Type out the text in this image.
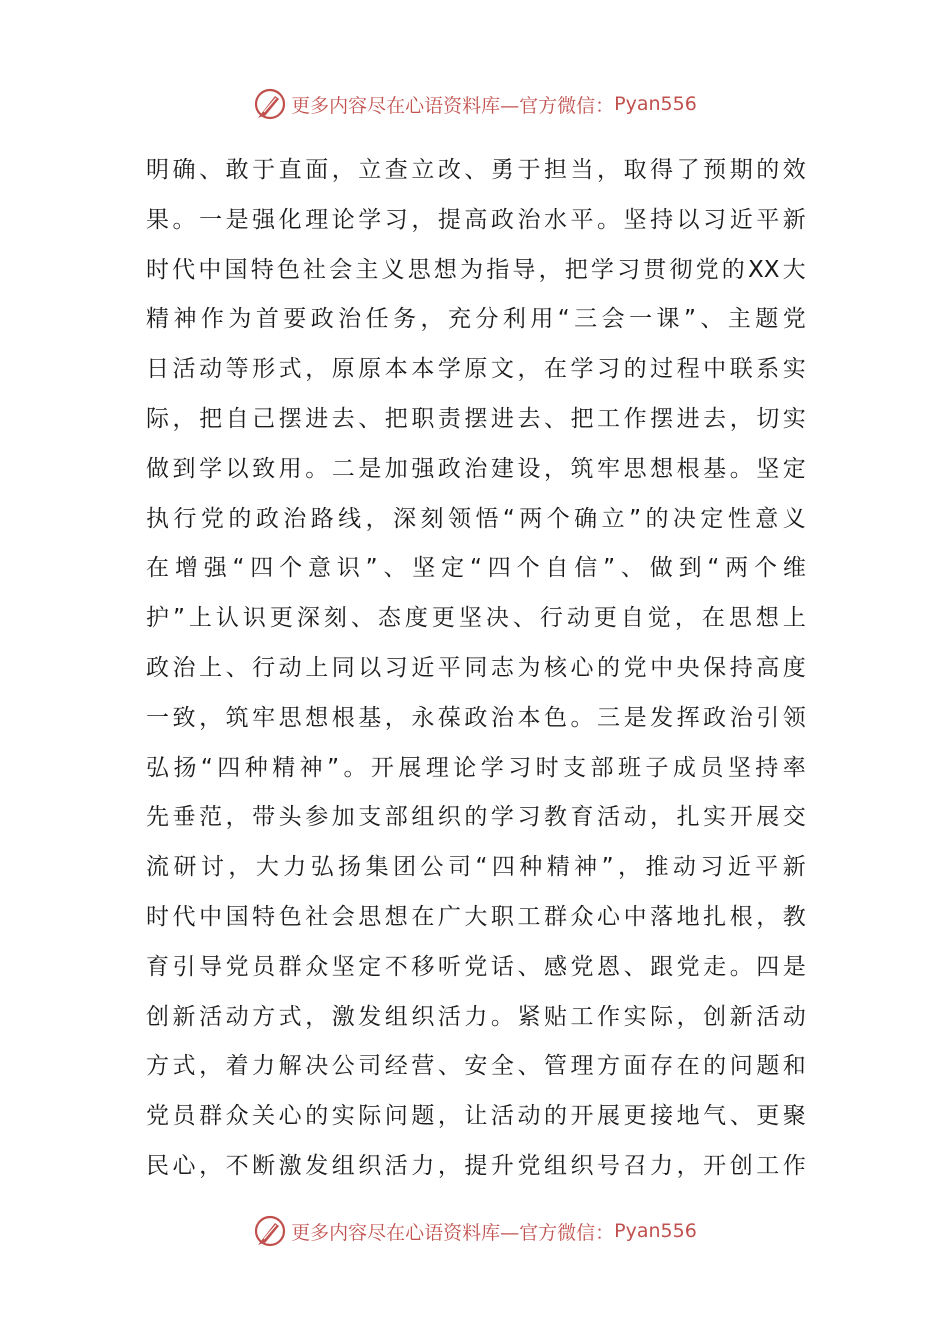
更多内容尽在心语资料库—官方微信： Pyan556
明 确 、 敢 于 直 面 ， 立 查 立 改 、 勇 于 担 当 ， 取 得 了 预 期 的 效
果 。 一 是 强 化 理 论 学 习 ， 提 高 政 治 水 平 。 坚 持 以 习 近 平 新
时 代 中 国 特 色 社 会 主 义 思 想 为 指 导 ， 把 学 习 贯 彻 党 的 XX 大
精 神 作 为 首 要 政 治 任 务 ， 充 分 利 用 “ 三 会 一 课 ” 、 主 题 党
日 活 动 等 形 式 ， 原 原 本 本 学 原 文 ， 在 学 习 的 过 程 中 联 系 实
际 ， 把 自 己 摆 进 去 、 把 职 责 摆 进 去 、 把 工 作 摆 进 去 ， 切 实
做 到 学 以 致 用 。 二 是 加 强 政 治 建 设 ， 筑 牢 思 想 根 基 。 坚 定
执 行 党 的 政 治 路 线 ， 深 刻 领 悟 “ 两 个 确 立 ” 的 决 定 性 意 义
在 增 强 “ 四 个 意 识 ” 、 坚 定 “ 四 个 自 信 ” 、 做 到 “ 两 个 维
护 ” 上 认 识 更 深 刻 、 态 度 更 坚 决 、 行 动 更 自 觉 ， 在 思 想 上
政 治 上 、 行 动 上 同 以 习 近 平 同 志 为 核 心 的 党 中 央 保 持 高 度
一 致 ， 筑 牢 思 想 根 基 ， 永 葆 政 治 本 色 。 三 是 发 挥 政 治 引 领
弘 扬 “ 四 种 精 神 ” 。 开 展 理 论 学 习 时 支 部 班 子 成 员 坚 持 率
先 垂 范 ， 带 头 参 加 支 部 组 织 的 学 习 教 育 活 动 ， 扎 实 开 展 交
流 研 讨 ， 大 力 弘 扬 集 团 公 司 “ 四 种 精 神 ” ， 推 动 习 近 平 新
时 代 中 国 特 色 社 会 思 想 在 广 大 职 工 群 众 心 中 落 地 扎 根 ， 教
育 引 导 党 员 群 众 坚 定 不 移 听 党 话 、 感 党 恩 、 跟 党 走 。 四 是
创 新 活 动 方 式 ， 激 发 组 织 活 力 。 紧 贴 工 作 实 际 ， 创 新 活 动
方 式 ， 着 力 解 决 公 司 经 营 、 安 全 、 管 理 方 面 存 在 的 问 题 和
党 员 群 众 关 心 的 实 际 问 题 ， 让 活 动 的 开 展 更 接 地 气 、 更 聚
民 心 ， 不 断 激 发 组 织 活 力 ， 提 升 党 组 织 号 召 力 ， 开 创 工 作
更多内容尽在心语资料库—官方微信： Pyan556
